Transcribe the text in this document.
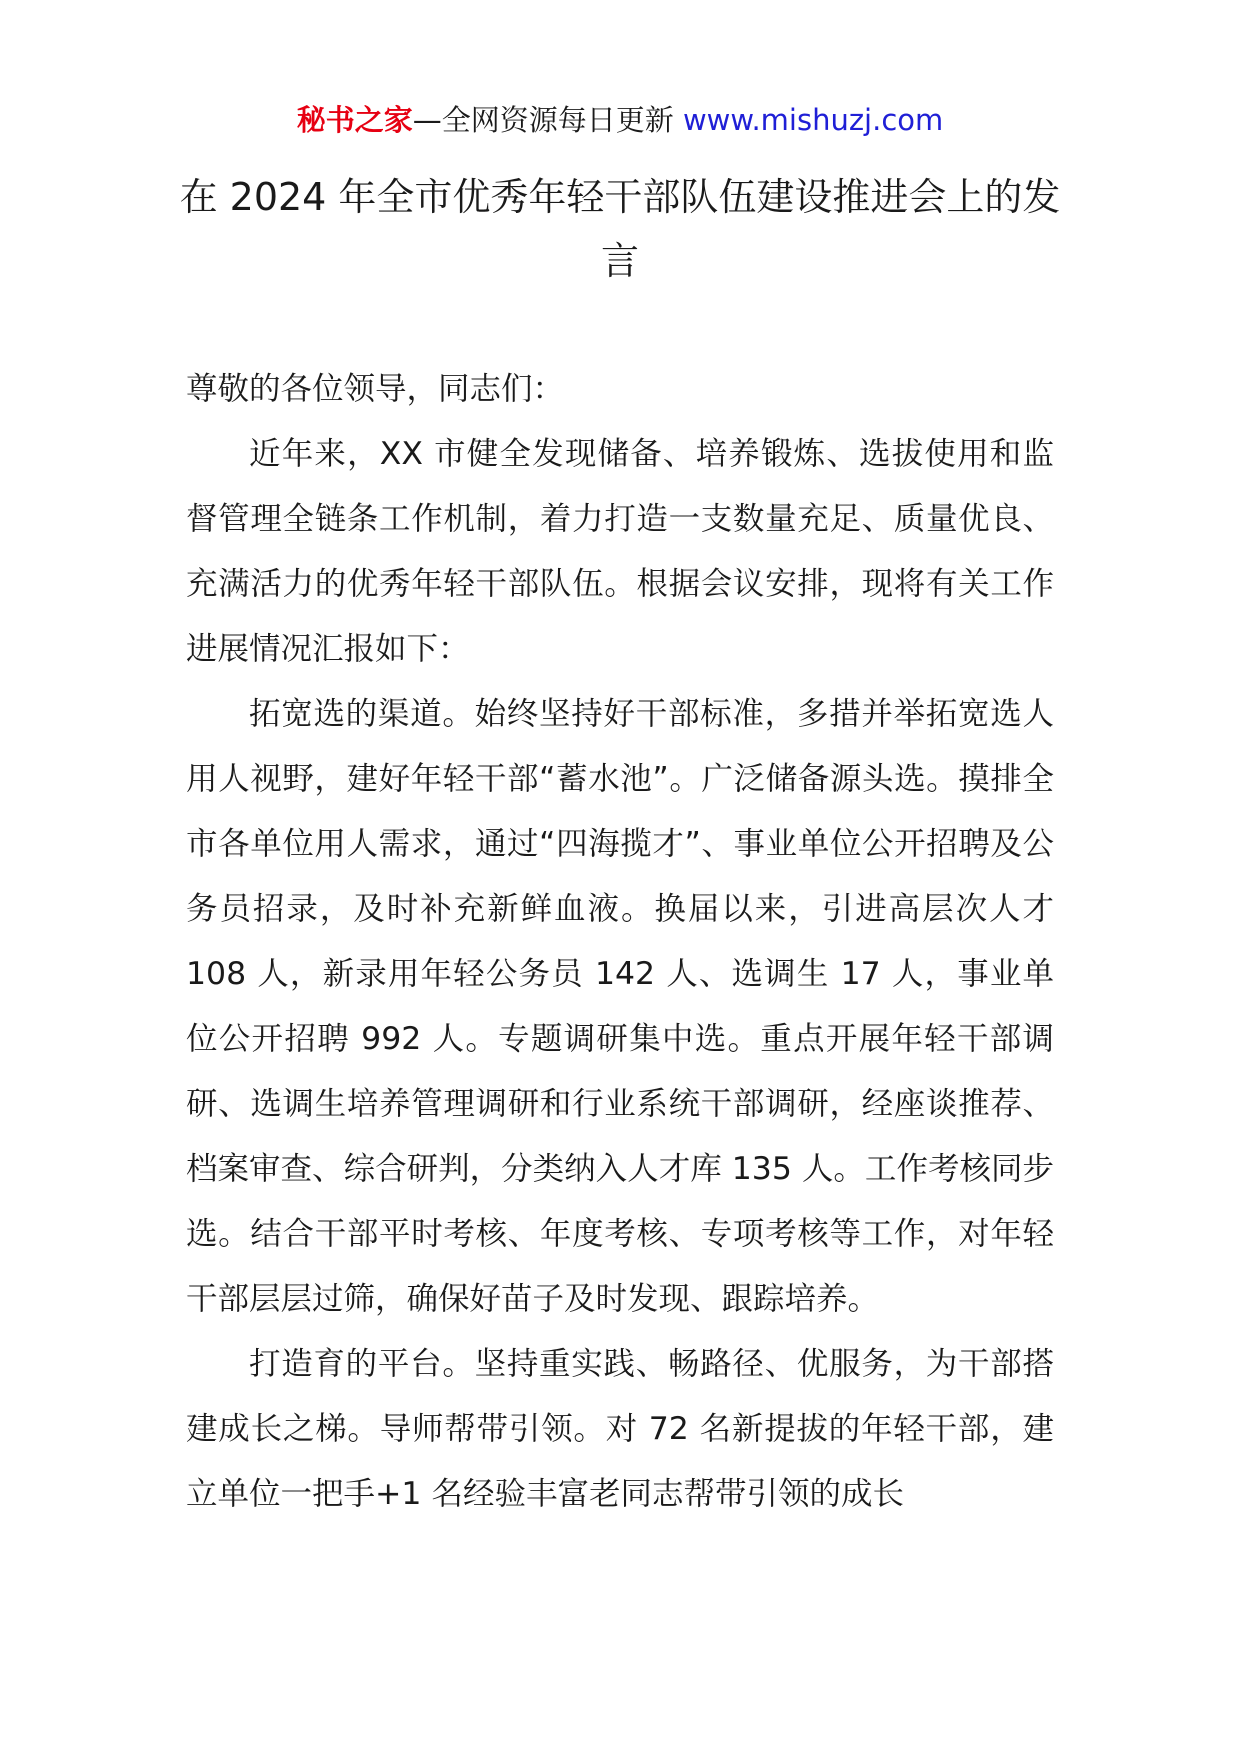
秘书之家—全网资源每日更新 www.mishuzj.com
在 2024 年全市优秀年轻干部队伍建设推进会上的发言

尊敬的各位领导，同志们：

近年来，XX 市健全发现储备、培养锻炼、选拔使用和监督管理全链条工作机制，着力打造一支数量充足、质量优良、充满活力的优秀年轻干部队伍。根据会议安排，现将有关工作进展情况汇报如下：

拓宽选的渠道。始终坚持好干部标准，多措并举拓宽选人用人视野，建好年轻干部“蓄水池”。广泛储备源头选。摸排全市各单位用人需求，通过“四海揽才”、事业单位公开招聘及公务员招录，及时补充新鲜血液。换届以来，引进高层次人才 108 人，新录用年轻公务员 142 人、选调生 17 人，事业单位公开招聘 992 人。专题调研集中选。重点开展年轻干部调研、选调生培养管理调研和行业系统干部调研，经座谈推荐、档案审查、综合研判，分类纳入人才库 135 人。工作考核同步选。结合干部平时考核、年度考核、专项考核等工作，对年轻干部层层过筛，确保好苗子及时发现、跟踪培养。

打造育的平台。坚持重实践、畅路径、优服务，为干部搭建成长之梯。导师帮带引领。对 72 名新提拔的年轻干部，建立单位一把手+1 名经验丰富老同志帮带引领的成长
